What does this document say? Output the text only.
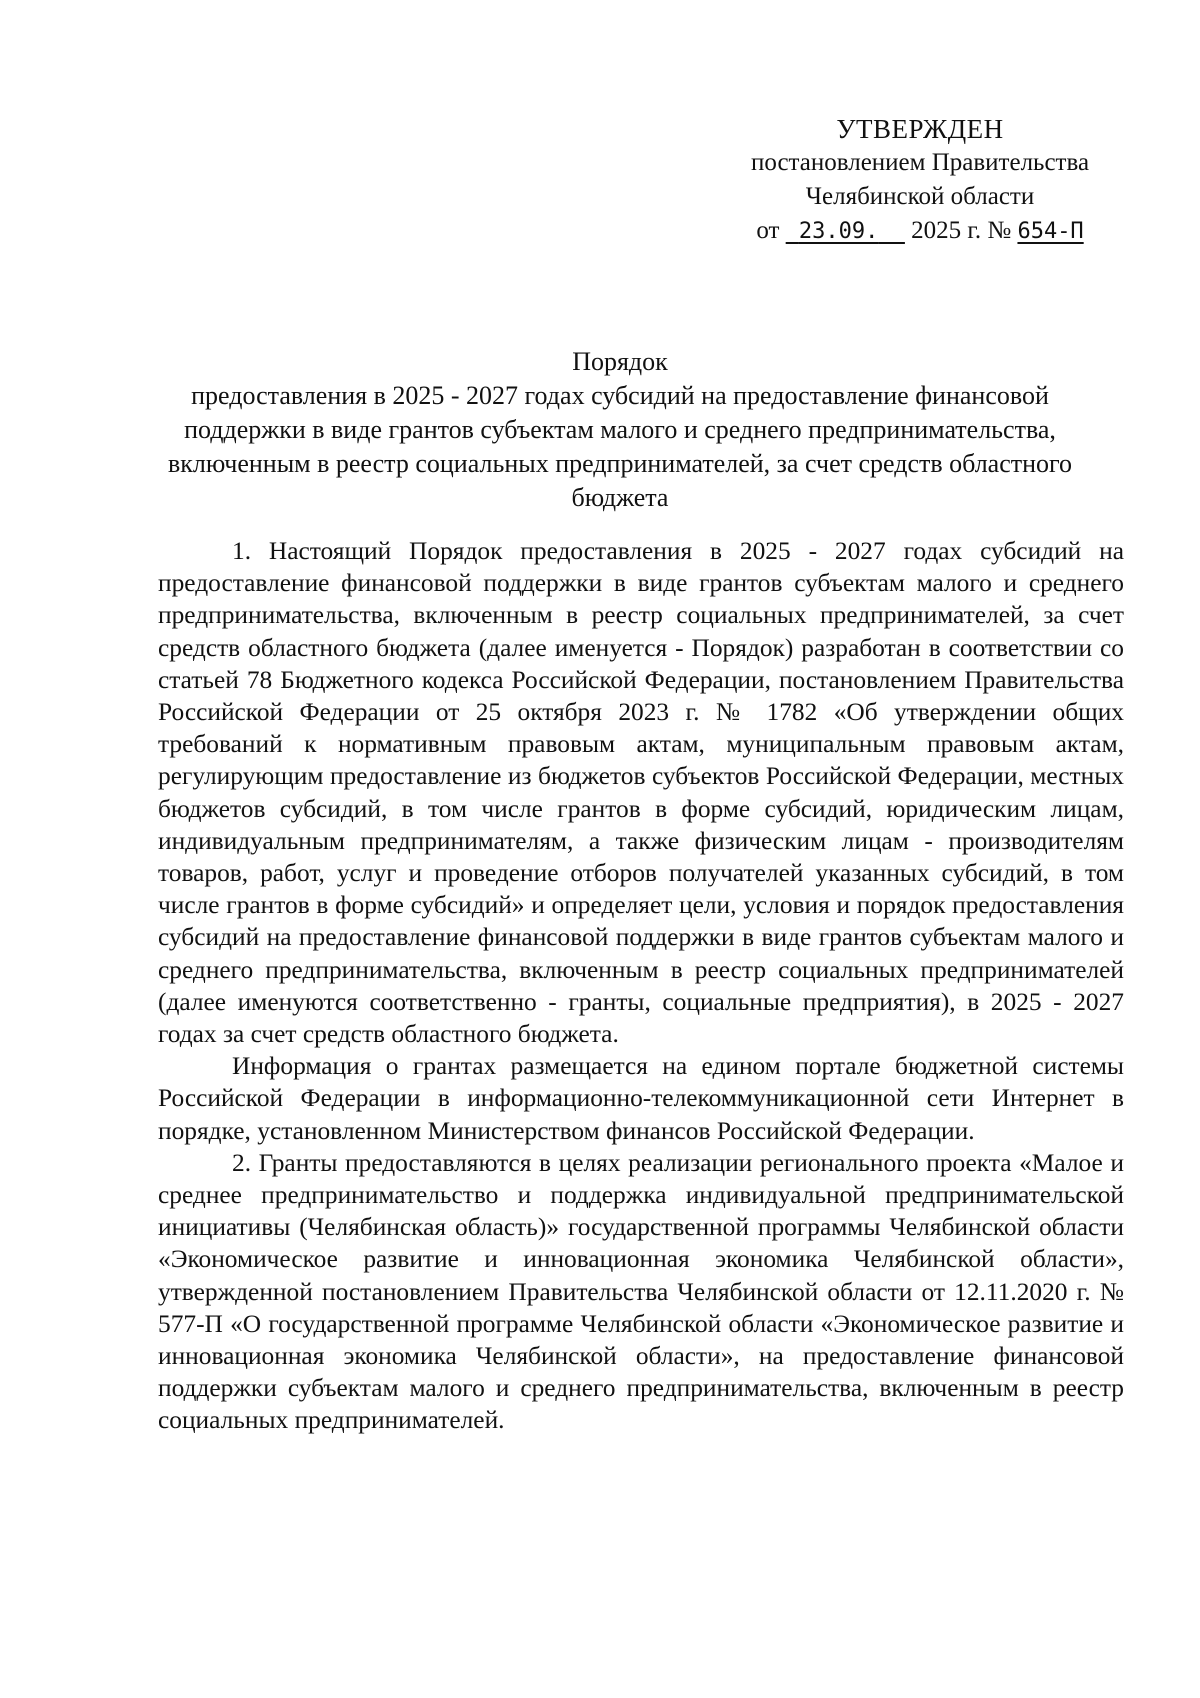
УТВЕРЖДЕН
постановлением Правительства
Челябинской области
от 23.09. 2025 г. № 654-П
Порядок
предоставления в 2025 - 2027 годах субсидий на предоставление финансовой поддержки в виде грантов субъектам малого и среднего предпринимательства, включенным в реестр социальных предпринимателей, за счет средств областного бюджета

1. Настоящий Порядок предоставления в 2025 - 2027 годах субсидий на предоставление финансовой поддержки в виде грантов субъектам малого и среднего предпринимательства, включенным в реестр социальных предпринимателей, за счет средств областного бюджета (далее именуется - Порядок) разработан в соответствии со статьей 78 Бюджетного кодекса Российской Федерации, постановлением Правительства Российской Федерации от 25 октября 2023 г. № 1782 «Об утверждении общих требований к нормативным правовым актам, муниципальным правовым актам, регулирующим предоставление из бюджетов субъектов Российской Федерации, местных бюджетов субсидий, в том числе грантов в форме субсидий, юридическим лицам, индивидуальным предпринимателям, а также физическим лицам - производителям товаров, работ, услуг и проведение отборов получателей указанных субсидий, в том числе грантов в форме субсидий» и определяет цели, условия и порядок предоставления субсидий на предоставление финансовой поддержки в виде грантов субъектам малого и среднего предпринимательства, включенным в реестр социальных предпринимателей (далее именуются соответственно - гранты, социальные предприятия), в 2025 - 2027 годах за счет средств областного бюджета.

Информация о грантах размещается на едином портале бюджетной системы Российской Федерации в информационно-телекоммуникационной сети Интернет в порядке, установленном Министерством финансов Российской Федерации.

2. Гранты предоставляются в целях реализации регионального проекта «Малое и среднее предпринимательство и поддержка индивидуальной предпринимательской инициативы (Челябинская область)» государственной программы Челябинской области «Экономическое развитие и инновационная экономика Челябинской области», утвержденной постановлением Правительства Челябинской области от 12.11.2020 г. № 577-П «О государственной программе Челябинской области «Экономическое развитие и инновационная экономика Челябинской области», на предоставление финансовой поддержки субъектам малого и среднего предпринимательства, включенным в реестр социальных предпринимателей.
